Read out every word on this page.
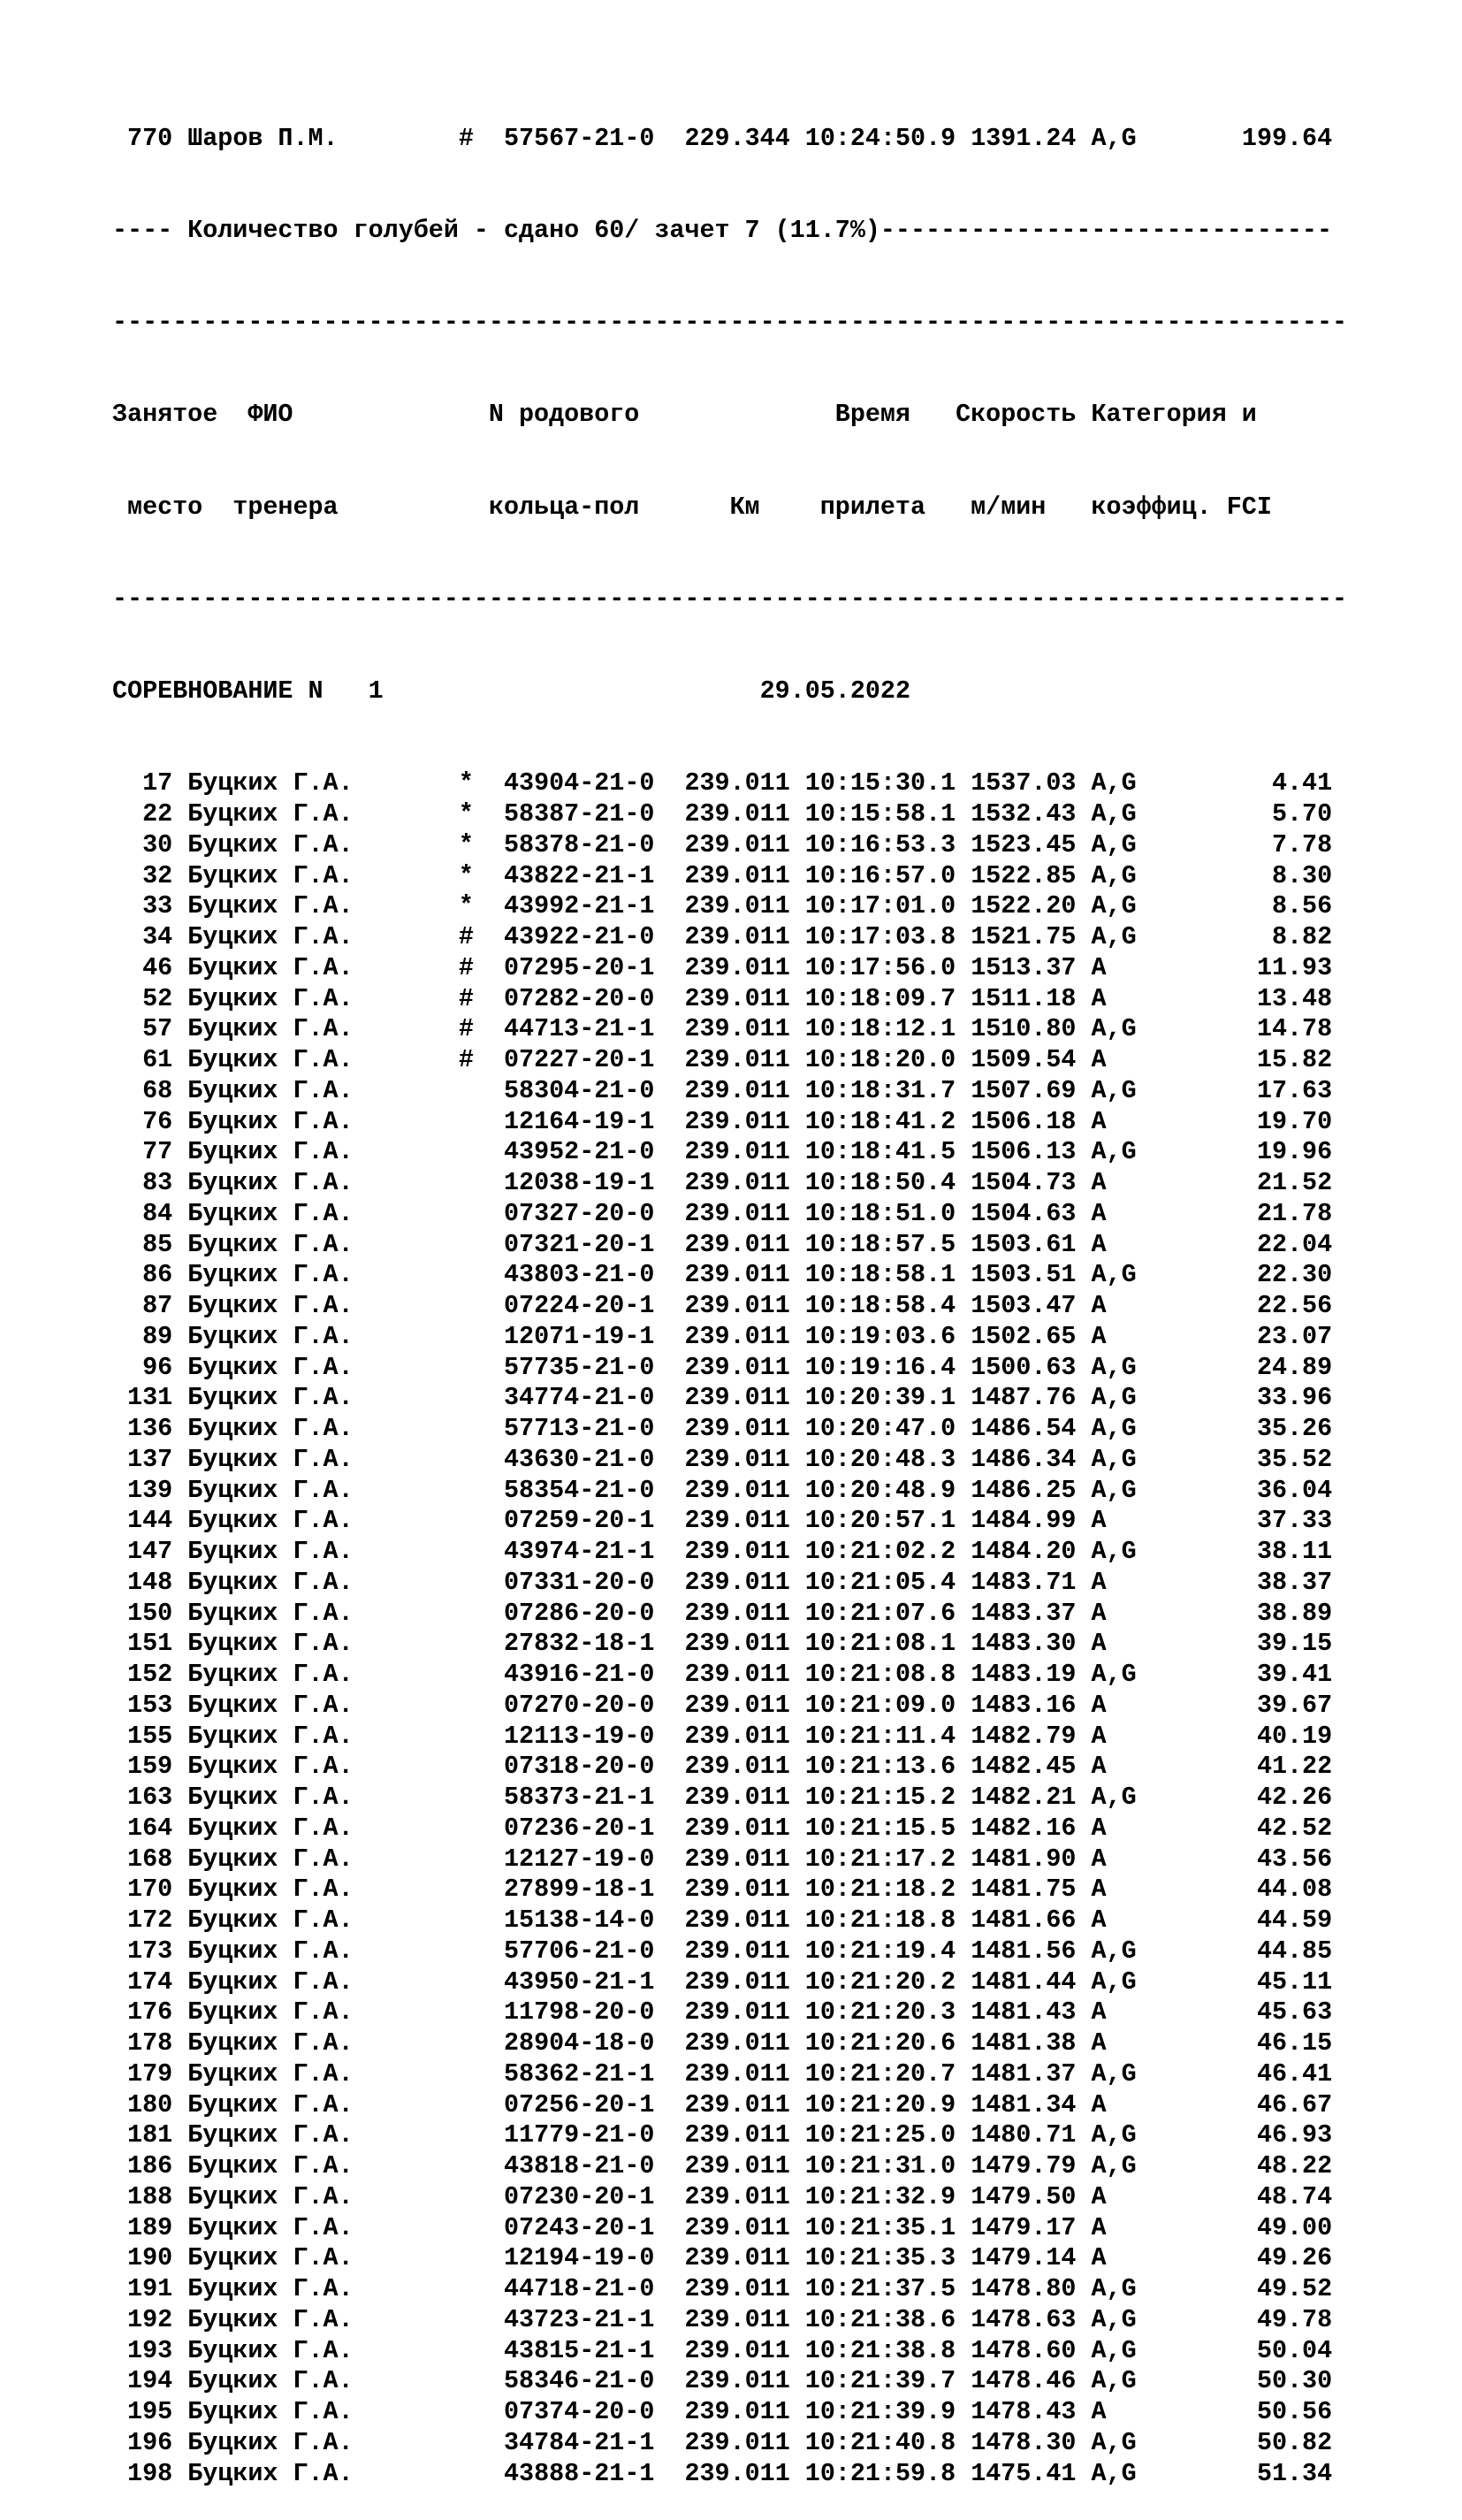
770 Шаров П.М.        #  57567-21-0 229.344 10:24:50.9 1391.24 A,G       199.64

---- Количество голубей - сдано 60/ зачет 7 (11.7%)------------------------------

----------------------------------------------------------------------------------

Занятое  ФИО             N родового             Время   Скорость Категория и

место  тренера          кольца-пол      Км    прилета   м/мин   коэффиц. FCI

----------------------------------------------------------------------------------

СОРЕВНОВАНИЕ N   1                         29.05.2022

17 Буцких Г.А.       *  43904-21-0 239.011 10:15:30.1 1537.03 A,G         4.41
22 Буцких Г.А.       *  58387-21-0 239.011 10:15:58.1 1532.43 A,G         5.70
30 Буцких Г.А.       *  58378-21-0 239.011 10:16:53.3 1523.45 A,G         7.78
32 Буцких Г.А.       *  43822-21-1 239.011 10:16:57.0 1522.85 A,G         8.30
33 Буцких Г.А.       *  43992-21-1 239.011 10:17:01.0 1522.20 A,G         8.56
34 Буцких Г.А.       #  43922-21-0 239.011 10:17:03.8 1521.75 A,G         8.82
46 Буцких Г.А.       #  07295-20-1 239.011 10:17:56.0 1513.37 A          11.93
52 Буцких Г.А.       #  07282-20-0 239.011 10:18:09.7 1511.18 A          13.48
57 Буцких Г.А.       #  44713-21-1 239.011 10:18:12.1 1510.80 A,G        14.78
61 Буцких Г.А.       #  07227-20-1 239.011 10:18:20.0 1509.54 A          15.82
68 Буцких Г.А.          58304-21-0 239.011 10:18:31.7 1507.69 A,G        17.63
76 Буцких Г.А.          12164-19-1 239.011 10:18:41.2 1506.18 A          19.70
77 Буцких Г.А.          43952-21-0 239.011 10:18:41.5 1506.13 A,G        19.96
83 Буцких Г.А.          12038-19-1 239.011 10:18:50.4 1504.73 A          21.52
84 Буцких Г.А.          07327-20-0 239.011 10:18:51.0 1504.63 A          21.78
85 Буцких Г.А.          07321-20-1 239.011 10:18:57.5 1503.61 A          22.04
86 Буцких Г.А.          43803-21-0 239.011 10:18:58.1 1503.51 A,G        22.30
87 Буцких Г.А.          07224-20-1 239.011 10:18:58.4 1503.47 A          22.56
89 Буцких Г.А.          12071-19-1 239.011 10:19:03.6 1502.65 A          23.07
96 Буцких Г.А.          57735-21-0 239.011 10:19:16.4 1500.63 A,G        24.89
131 Буцких Г.А.          34774-21-0 239.011 10:20:39.1 1487.76 A,G        33.96
136 Буцких Г.А.          57713-21-0 239.011 10:20:47.0 1486.54 A,G        35.26
137 Буцких Г.А.          43630-21-0 239.011 10:20:48.3 1486.34 A,G        35.52
139 Буцких Г.А.          58354-21-0 239.011 10:20:48.9 1486.25 A,G        36.04
144 Буцких Г.А.          07259-20-1 239.011 10:20:57.1 1484.99 A          37.33
147 Буцких Г.А.          43974-21-1 239.011 10:21:02.2 1484.20 A,G        38.11
148 Буцких Г.А.          07331-20-0 239.011 10:21:05.4 1483.71 A          38.37
150 Буцких Г.А.          07286-20-0 239.011 10:21:07.6 1483.37 A          38.89
151 Буцких Г.А.          27832-18-1 239.011 10:21:08.1 1483.30 A          39.15
152 Буцких Г.А.          43916-21-0 239.011 10:21:08.8 1483.19 A,G        39.41
153 Буцких Г.А.          07270-20-0 239.011 10:21:09.0 1483.16 A          39.67
155 Буцких Г.А.          12113-19-0 239.011 10:21:11.4 1482.79 A          40.19
159 Буцких Г.А.          07318-20-0 239.011 10:21:13.6 1482.45 A          41.22
163 Буцких Г.А.          58373-21-1 239.011 10:21:15.2 1482.21 A,G        42.26
164 Буцких Г.А.          07236-20-1 239.011 10:21:15.5 1482.16 A          42.52
168 Буцких Г.А.          12127-19-0 239.011 10:21:17.2 1481.90 A          43.56
170 Буцких Г.А.          27899-18-1 239.011 10:21:18.2 1481.75 A          44.08
172 Буцких Г.А.          15138-14-0 239.011 10:21:18.8 1481.66 A          44.59
173 Буцких Г.А.          57706-21-0 239.011 10:21:19.4 1481.56 A,G        44.85
174 Буцких Г.А.          43950-21-1 239.011 10:21:20.2 1481.44 A,G        45.11
176 Буцких Г.А.          11798-20-0 239.011 10:21:20.3 1481.43 A          45.63
178 Буцких Г.А.          28904-18-0 239.011 10:21:20.6 1481.38 A          46.15
179 Буцких Г.А.          58362-21-1 239.011 10:21:20.7 1481.37 A,G        46.41
180 Буцких Г.А.          07256-20-1 239.011 10:21:20.9 1481.34 A          46.67
181 Буцких Г.А.          11779-21-0 239.011 10:21:25.0 1480.71 A,G        46.93
186 Буцких Г.А.          43818-21-0 239.011 10:21:31.0 1479.79 A,G        48.22
188 Буцких Г.А.          07230-20-1 239.011 10:21:32.9 1479.50 A          48.74
189 Буцких Г.А.          07243-20-1 239.011 10:21:35.1 1479.17 A          49.00
190 Буцких Г.А.          12194-19-0 239.011 10:21:35.3 1479.14 A          49.26
191 Буцких Г.А.          44718-21-0 239.011 10:21:37.5 1478.80 A,G        49.52
192 Буцких Г.А.          43723-21-1 239.011 10:21:38.6 1478.63 A,G        49.78
193 Буцких Г.А.          43815-21-1 239.011 10:21:38.8 1478.60 A,G        50.04
194 Буцких Г.А.          58346-21-0 239.011 10:21:39.7 1478.46 A,G        50.30
195 Буцких Г.А.          07374-20-0 239.011 10:21:39.9 1478.43 A          50.56
196 Буцких Г.А.          34784-21-1 239.011 10:21:40.8 1478.30 A,G        50.82
198 Буцких Г.А.          43888-21-1 239.011 10:21:59.8 1475.41 A,G        51.34
